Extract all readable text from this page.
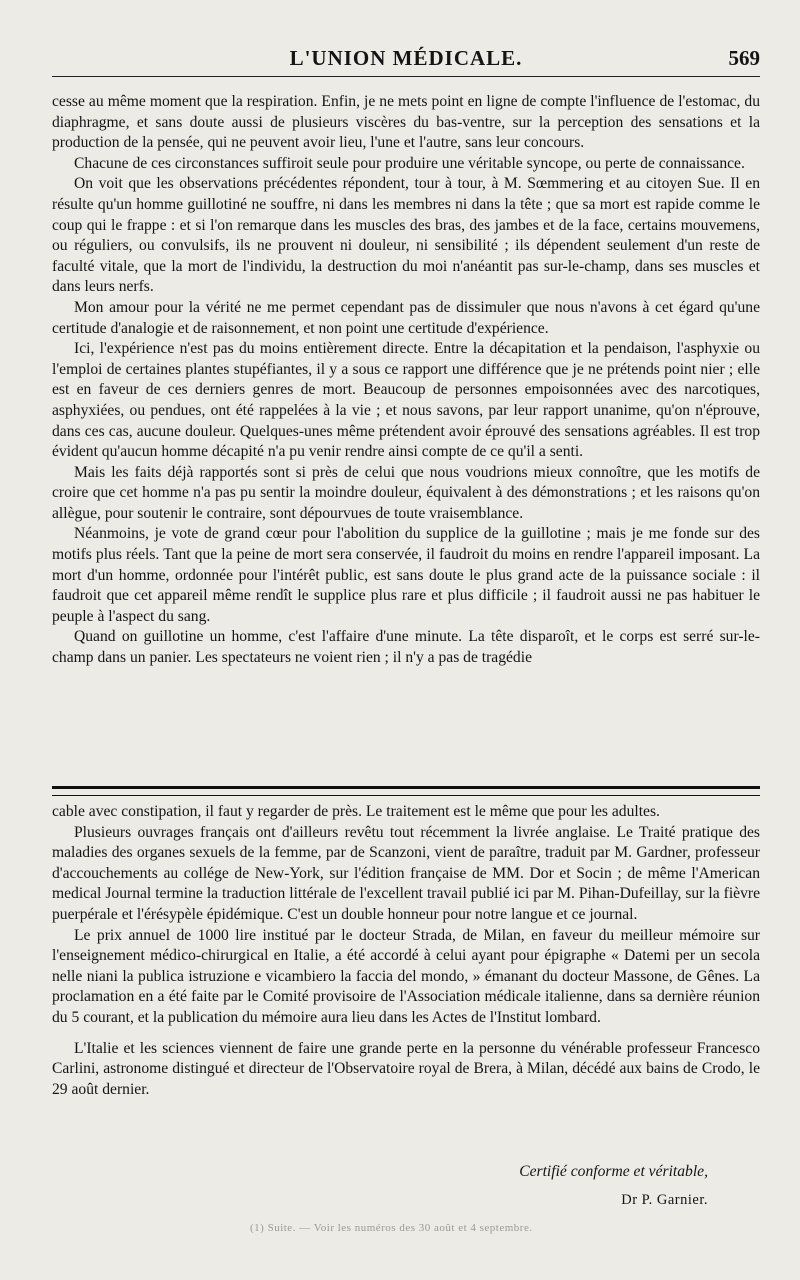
L'UNION MÉDICALE.	569

cesse au même moment que la respiration. Enfin, je ne mets point en ligne de compte l'influence de l'estomac, du diaphragme, et sans doute aussi de plusieurs viscères du bas-ventre, sur la perception des sensations et la production de la pensée, qui ne peuvent avoir lieu, l'une et l'autre, sans leur concours.

Chacune de ces circonstances suffiroit seule pour produire une véritable syncope, ou perte de connaissance.

On voit que les observations précédentes répondent, tour à tour, à M. Sœmmering et au citoyen Sue. Il en résulte qu'un homme guillotiné ne souffre, ni dans les membres ni dans la tête ; que sa mort est rapide comme le coup qui le frappe : et si l'on remarque dans les muscles des bras, des jambes et de la face, certains mouvemens, ou réguliers, ou convulsifs, ils ne prouvent ni douleur, ni sensibilité ; ils dépendent seulement d'un reste de faculté vitale, que la mort de l'individu, la destruction du moi n'anéantit pas sur-le-champ, dans ses muscles et dans leurs nerfs.

Mon amour pour la vérité ne me permet cependant pas de dissimuler que nous n'avons à cet égard qu'une certitude d'analogie et de raisonnement, et non point une certitude d'expérience.

Ici, l'expérience n'est pas du moins entièrement directe. Entre la décapitation et la pendaison, l'asphyxie ou l'emploi de certaines plantes stupéfiantes, il y a sous ce rapport une différence que je ne prétends point nier ; elle est en faveur de ces derniers genres de mort. Beaucoup de personnes empoisonnées avec des narcotiques, asphyxiées, ou pendues, ont été rappelées à la vie ; et nous savons, par leur rapport unanime, qu'on n'éprouve, dans ces cas, aucune douleur. Quelques-unes même prétendent avoir éprouvé des sensations agréables. Il est trop évident qu'aucun homme décapité n'a pu venir rendre ainsi compte de ce qu'il a senti.

Mais les faits déjà rapportés sont si près de celui que nous voudrions mieux connoître, que les motifs de croire que cet homme n'a pas pu sentir la moindre douleur, équivalent à des démonstrations ; et les raisons qu'on allègue, pour soutenir le contraire, sont dépourvues de toute vraisemblance.

Néanmoins, je vote de grand cœur pour l'abolition du supplice de la guillotine ; mais je me fonde sur des motifs plus réels. Tant que la peine de mort sera conservée, il faudroit du moins en rendre l'appareil imposant. La mort d'un homme, ordonnée pour l'intérêt public, est sans doute le plus grand acte de la puissance sociale : il faudroit que cet appareil même rendît le supplice plus rare et plus difficile ; il faudroit aussi ne pas habituer le peuple à l'aspect du sang.

Quand on guillotine un homme, c'est l'affaire d'une minute. La tête disparoît, et le corps est serré sur-le-champ dans un panier. Les spectateurs ne voient rien ; il n'y a pas de tragédie

cable avec constipation, il faut y regarder de près. Le traitement est le même que pour les adultes.

Plusieurs ouvrages français ont d'ailleurs revêtu tout récemment la livrée anglaise. Le Traité pratique des maladies des organes sexuels de la femme, par de Scanzoni, vient de paraître, traduit par M. Gardner, professeur d'accouchements au collége de New-York, sur l'édition française de MM. Dor et Socin ; de même l'American medical Journal termine la traduction littérale de l'excellent travail publié ici par M. Pihan-Dufeillay, sur la fièvre puerpérale et l'érésypèle épidémique. C'est un double honneur pour notre langue et ce journal.

Le prix annuel de 1000 lire institué par le docteur Strada, de Milan, en faveur du meilleur mémoire sur l'enseignement médico-chirurgical en Italie, a été accordé à celui ayant pour épigraphe « Datemi per un secola nelle niani la publica istruzione e vicambiero la faccia del mondo, » émanant du docteur Massone, de Gênes. La proclamation en a été faite par le Comité provisoire de l'Association médicale italienne, dans sa dernière réunion du 5 courant, et la publication du mémoire aura lieu dans les Actes de l'Institut lombard.

L'Italie et les sciences viennent de faire une grande perte en la personne du vénérable professeur Francesco Carlini, astronome distingué et directeur de l'Observatoire royal de Brera, à Milan, décédé aux bains de Crodo, le 29 août dernier.

Certifié conforme et véritable,
Dr P. Garnier.
(1) Suite. — Voir les numéros des 30 août et 4 septembre.
